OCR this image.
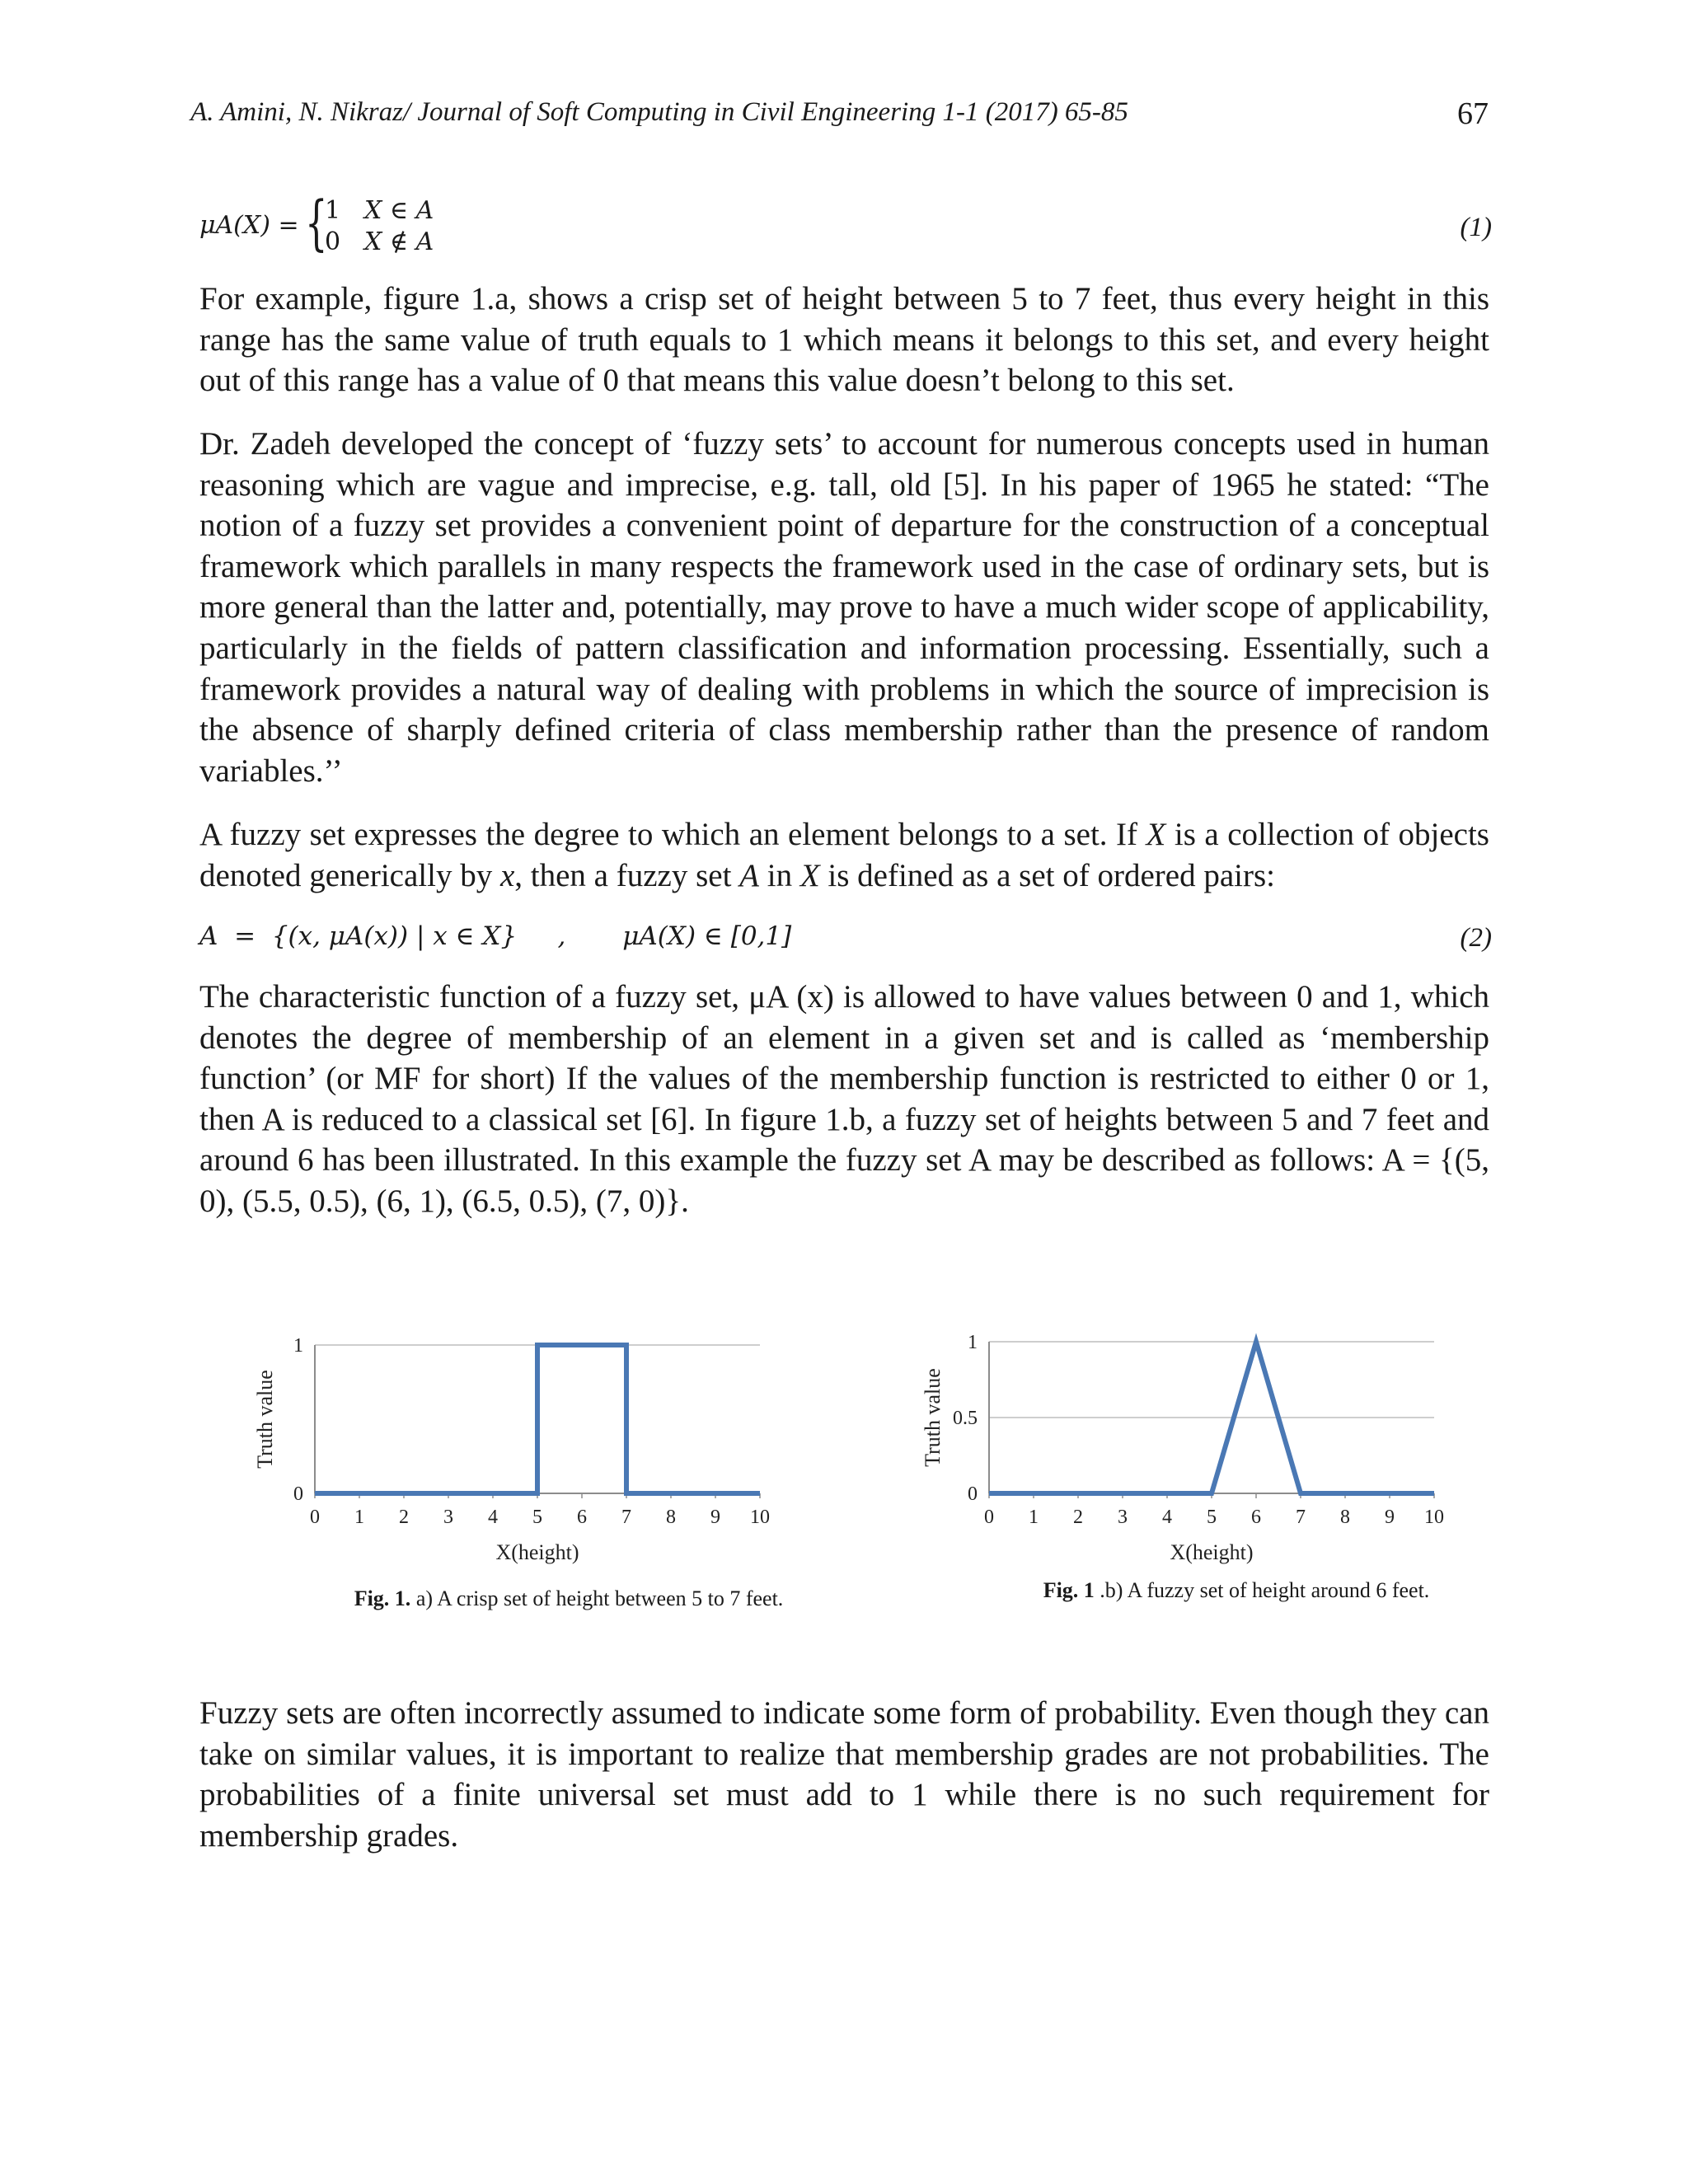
A. Amini, N. Nikraz/ Journal of Soft Computing in Civil Engineering 1-1 (2017) 65-85	67
μA(X) = {
1 X ∈ A
0 X ∉ A	(1)
For example, figure 1.a, shows a crisp set of height between 5 to 7 feet, thus every height in this range has the same value of truth equals to 1 which means it belongs to this set, and every height out of this range has a value of 0 that means this value doesn’t belong to this set.
Dr. Zadeh developed the concept of ‘fuzzy sets’ to account for numerous concepts used in human reasoning which are vague and imprecise, e.g. tall, old [5]. In his paper of 1965 he stated: “The notion of a fuzzy set provides a convenient point of departure for the construction of a conceptual framework which parallels in many respects the framework used in the case of ordinary sets, but is more general than the latter and, potentially, may prove to have a much wider scope of applicability, particularly in the fields of pattern classification and information processing. Essentially, such a framework provides a natural way of dealing with problems in which the source of imprecision is the absence of sharply defined criteria of class membership rather than the presence of random variables.’’
A fuzzy set expresses the degree to which an element belongs to a set. If X is a collection of objects denoted generically by x, then a fuzzy set A in X is defined as a set of ordered pairs:
A  =  {(x, μA(x)) | x ∈ X}     ,       μA(X) ∈ [0,1]	(2)
The characteristic function of a fuzzy set, μA (x) is allowed to have values between 0 and 1, which denotes the degree of membership of an element in a given set and is called as ‘membership function’ (or MF for short) If the values of the membership function is restricted to either 0 or 1, then A is reduced to a classical set [6]. In figure 1.b, a fuzzy set of heights between 5 and 7 feet and around 6 has been illustrated. In this example the fuzzy set A may be described as follows: A = {(5, 0), (5.5, 0.5), (6, 1), (6.5, 0.5), (7, 0)}.
0
1
0 1 2 3 4 5 6 7 8 9 10
X(height)
Truth value
Fig. 1. a) A crisp set of height between 5 to 7 feet.
0
0.5
1
0 1 2 3 4 5 6 7 8 9 10
X(height)
Truth value
Fig. 1 .b) A fuzzy set of height around 6 feet.
Fuzzy sets are often incorrectly assumed to indicate some form of probability. Even though they can take on similar values, it is important to realize that membership grades are not probabilities. The probabilities of a finite universal set must add to 1 while there is no such requirement for membership grades.
